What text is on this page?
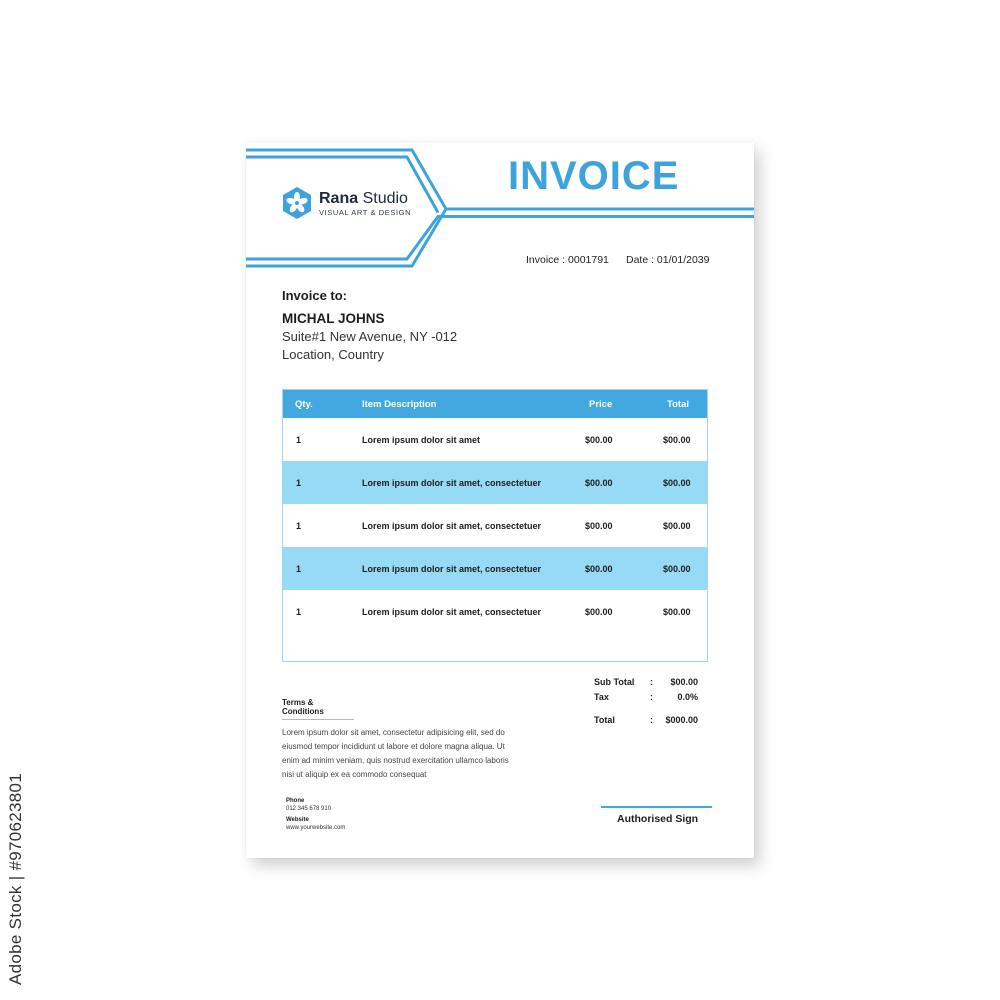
Adobe Stock | #970623801
Rana Studio
VISUAL ART & DESIGN
INVOICE
Invoice : 0001791 Date : 01/01/2039
Invoice to:
MICHAL JOHNS
Suite#1 New Avenue, NY -012
Location, Country
Qty.	Item Description	Price	Total
1	Lorem ipsum dolor sit amet	$00.00	$00.00
1	Lorem ipsum dolor sit amet, consectetuer	$00.00	$00.00
1	Lorem ipsum dolor sit amet, consectetuer	$00.00	$00.00
1	Lorem ipsum dolor sit amet, consectetuer	$00.00	$00.00
1	Lorem ipsum dolor sit amet, consectetuer	$00.00	$00.00
Sub Total : $00.00
Tax	:	0.0%
Total	: $000.00
Terms & Conditions
Lorem ipsum dolor sit amet, consectetur adipisicing elit, sed do
eiusmod tempor incididunt ut labore et dolore magna aliqua. Ut
enim ad minim veniam, quis nostrud exercitation ullamco laboris
nisi ut aliquip ex ea commodo consequat
Phone
012 345 678 910
Website
www.yourwebsite.com
Authorised Sign
